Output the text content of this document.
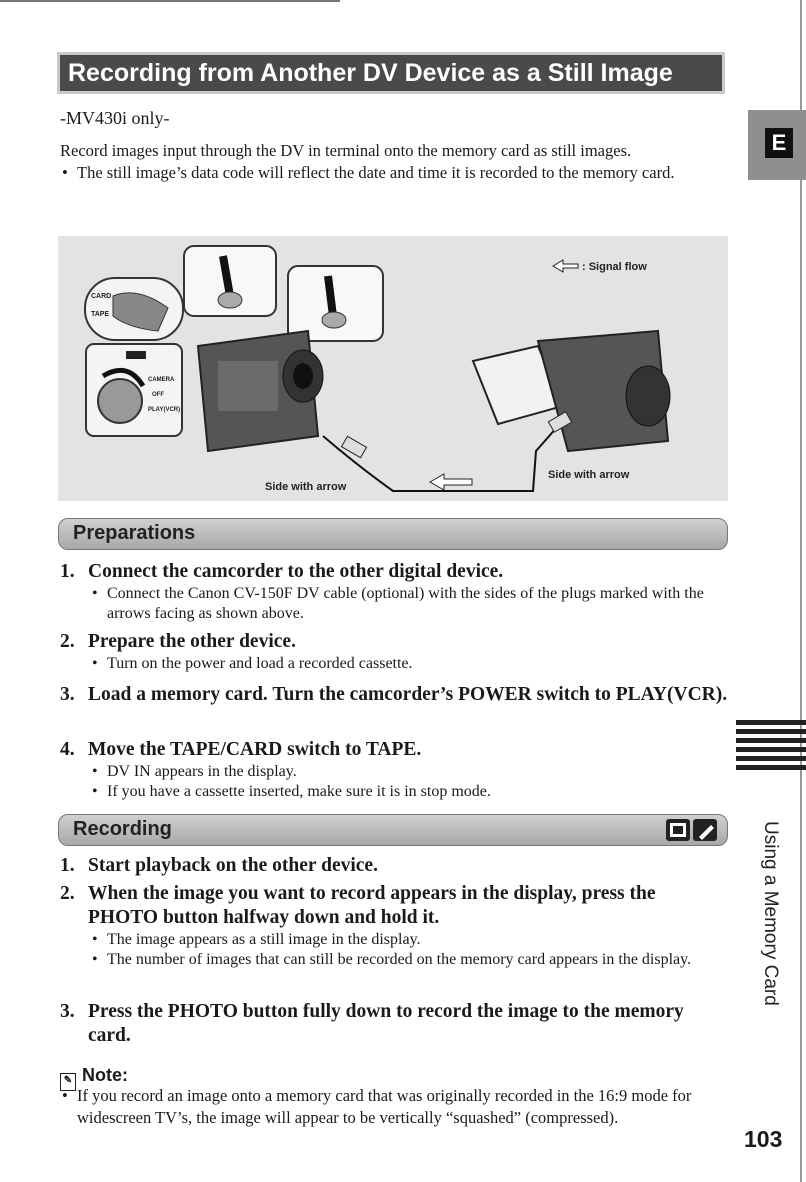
Recording from Another DV Device as a Still Image
-MV430i only-
Record images input through the DV in terminal onto the memory card as still images.
• The still image’s data code will reflect the date and time it is recorded to the memory card.
E
CARD
TAPE
CAMERA
OFF
PLAY(VCR)
: Signal flow
Side with arrow
Side with arrow
Preparations
1. Connect the camcorder to the other digital device.
• Connect the Canon CV-150F DV cable (optional) with the sides of the plugs marked with the arrows facing as shown above.
2. Prepare the other device.
• Turn on the power and load a recorded cassette.
3. Load a memory card. Turn the camcorder’s POWER switch to PLAY(VCR).
4. Move the TAPE/CARD switch to TAPE.
• DV IN appears in the display.
• If you have a cassette inserted, make sure it is in stop mode.
Recording
1. Start playback on the other device.
2. When the image you want to record appears in the display, press the PHOTO button halfway down and hold it.
• The image appears as a still image in the display.
• The number of images that can still be recorded on the memory card appears in the display.
3. Press the PHOTO button fully down to record the image to the memory card.
✎ Note:
• If you record an image onto a memory card that was originally recorded in the 16:9 mode for widescreen TV’s, the image will appear to be vertically “squashed” (compressed).
Using a Memory Card
103
